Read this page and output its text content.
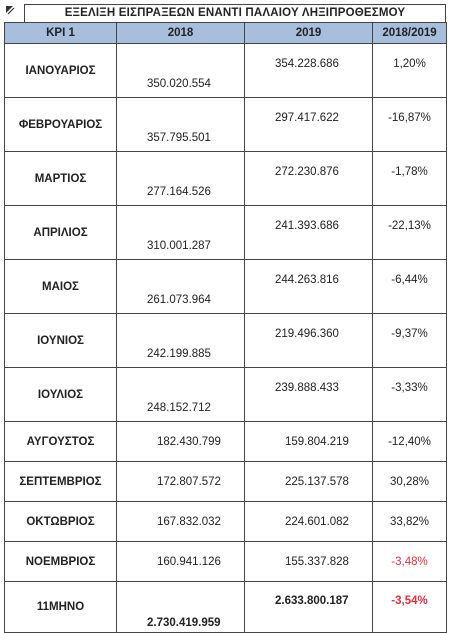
ΕΞΕΛΙΞΗ ΕΙΣΠΡΑΞΕΩΝ ΕΝΑΝΤΙ ΠΑΛΑΙΟΥ ΛΗΞΙΠΡΟΘΕΣΜΟΥ
ΚΡΙ 1	2018	2019	2018/2019
ΙΑΝΟΥΑΡΙΟΣ	350.020.554	354.228.686	1,20%
ΦΕΒΡΟΥΑΡΙΟΣ	357.795.501	297.417.622	-16,87%
ΜΑΡΤΙΟΣ	277.164.526	272.230.876	-1,78%
ΑΠΡΙΛΙΟΣ	310.001.287	241.393.686	-22,13%
ΜΑΙΟΣ	261.073.964	244.263.816	-6,44%
ΙΟΥΝΙΟΣ	242.199.885	219.496.360	-9,37%
ΙΟΥΛΙΟΣ	248.152.712	239.888.433	-3,33%
ΑΥΓΟΥΣΤΟΣ	182.430.799	159.804.219	-12,40%
ΣΕΠΤΕΜΒΡΙΟΣ	172.807.572	225.137.578	30,28%
ΟΚΤΩΒΡΙΟΣ	167.832.032	224.601.082	33,82%
ΝΟΕΜΒΡΙΟΣ	160.941.126	155.337.828	-3,48%
11ΜΗΝΟ	2.730.419.959	2.633.800.187	-3,54%
